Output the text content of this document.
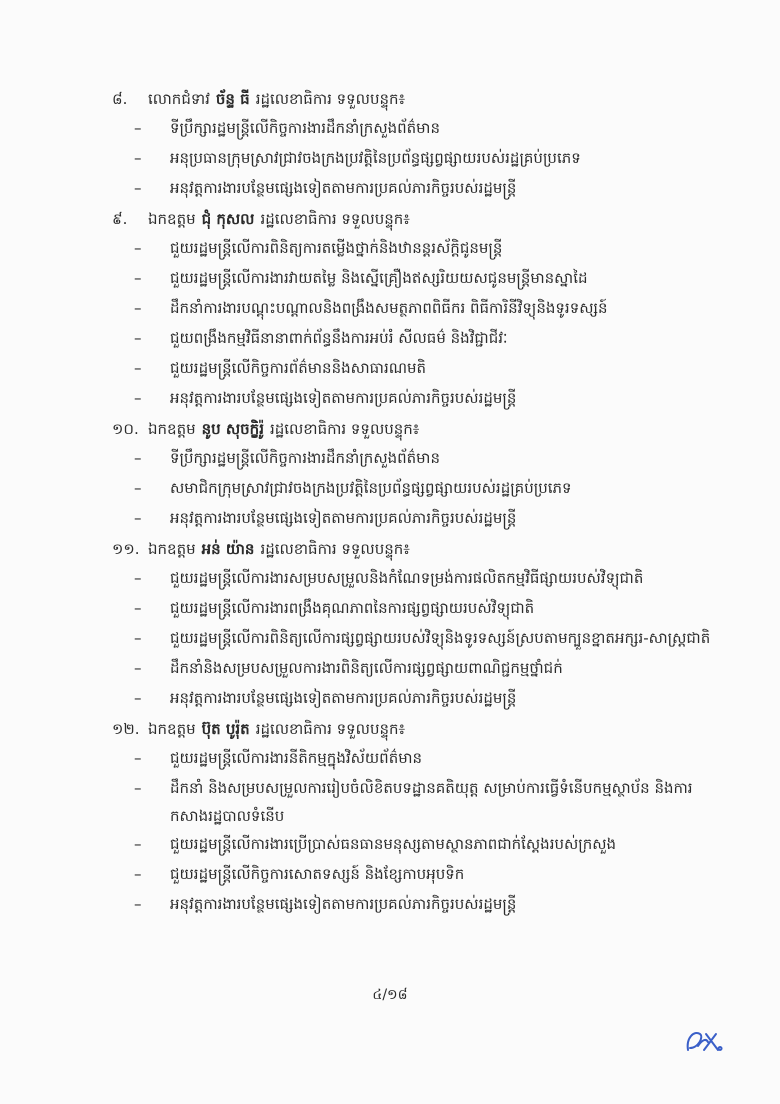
៨.	លោកជំទាវ ច័ន្ទ ធី រដ្ឋលេខាធិការ ទទួលបន្ទុក៖
– ទីប្រឹក្សារដ្ឋមន្ត្រីលើកិច្ចការងារដឹកនាំក្រសួងព័ត៌មាន
– អនុប្រធានក្រុមស្រាវជ្រាវចងក្រងប្រវត្តិនៃប្រព័ន្ធផ្សព្វផ្សាយរបស់រដ្ឋគ្រប់ប្រភេទ
– អនុវត្តការងារបន្ថែមផ្សេងទៀតតាមការប្រគល់ភារកិច្ចរបស់រដ្ឋមន្ត្រី
៩.	ឯកឧត្តម ជុំ កុសល រដ្ឋលេខាធិការ ទទួលបន្ទុក៖
– ជួយរដ្ឋមន្ត្រីលើការពិនិត្យការតម្លើងថ្នាក់និងឋានន្តរស័ក្តិជូនមន្ត្រី
– ជួយរដ្ឋមន្ត្រីលើការងារវាយតម្លៃ និងស្នើគ្រឿងឥស្សរិយយសជូនមន្ត្រីមានស្នាដៃ
– ដឹកនាំការងារបណ្តុះបណ្តាលនិងពង្រឹងសមត្ថភាពពិធីករ ពិធីការិនីវិទ្យុនិងទូរទស្សន៍
– ជួយពង្រឹងកម្មវិធីនានាពាក់ព័ន្ធនឹងការអប់រំ សីលធម៌ និងវិជ្ជាជីវៈ
– ជួយរដ្ឋមន្ត្រីលើកិច្ចការព័ត៌មាននិងសាធារណមតិ
– អនុវត្តការងារបន្ថែមផ្សេងទៀតតាមការប្រគល់ភារកិច្ចរបស់រដ្ឋមន្ត្រី
១០. ឯកឧត្តម នូប សុចក្ខិរ៉ូ រដ្ឋលេខាធិការ ទទួលបន្ទុក៖
– ទីប្រឹក្សារដ្ឋមន្ត្រីលើកិច្ចការងារដឹកនាំក្រសួងព័ត៌មាន
– សមាជិកក្រុមស្រាវជ្រាវចងក្រងប្រវត្តិនៃប្រព័ន្ធផ្សព្វផ្សាយរបស់រដ្ឋគ្រប់ប្រភេទ
– អនុវត្តការងារបន្ថែមផ្សេងទៀតតាមការប្រគល់ភារកិច្ចរបស់រដ្ឋមន្ត្រី
១១. ឯកឧត្តម អន់ យ៉ាន រដ្ឋលេខាធិការ ទទួលបន្ទុក៖
– ជួយរដ្ឋមន្ត្រីលើការងារសម្របសម្រួលនិងកំណែទម្រង់ការផលិតកម្មវិធីផ្សាយរបស់វិទ្យុជាតិ
– ជួយរដ្ឋមន្ត្រីលើការងារពង្រឹងគុណភាពនៃការផ្សព្វផ្សាយរបស់វិទ្យុជាតិ
– ជួយរដ្ឋមន្ត្រីលើការពិនិត្យលើការផ្សព្វផ្សាយរបស់វិទ្យុនិងទូរទស្សន៍ស្របតាមក្បួនខ្នាតអក្សរ-សាស្ត្រជាតិ
– ដឹកនាំនិងសម្របសម្រួលការងារពិនិត្យលើការផ្សព្វផ្សាយពាណិជ្ជកម្មថ្នាំជក់
– អនុវត្តការងារបន្ថែមផ្សេងទៀតតាមការប្រគល់ភារកិច្ចរបស់រដ្ឋមន្ត្រី
១២. ឯកឧត្តម ប៊ុត បូរ៉ុត រដ្ឋលេខាធិការ ទទួលបន្ទុក៖
– ជួយរដ្ឋមន្ត្រីលើការងារនីតិកម្មក្នុងវិស័យព័ត៌មាន
– ដឹកនាំ និងសម្របសម្រួលការរៀបចំលិខិតបទដ្ឋានគតិយុត្ត សម្រាប់ការធ្វើទំនើបកម្មស្ថាប័ន និងការកសាងរដ្ឋបាលទំនើប
– ជួយរដ្ឋមន្ត្រីលើការងារប្រើប្រាស់ធនធានមនុស្សតាមស្ថានភាពជាក់ស្តែងរបស់ក្រសួង
– ជួយរដ្ឋមន្ត្រីលើកិច្ចការសោតទស្សន៍ និងខ្សែកាបអុបទិក
– អនុវត្តការងារបន្ថែមផ្សេងទៀតតាមការប្រគល់ភារកិច្ចរបស់រដ្ឋមន្ត្រី
៤/១៨
